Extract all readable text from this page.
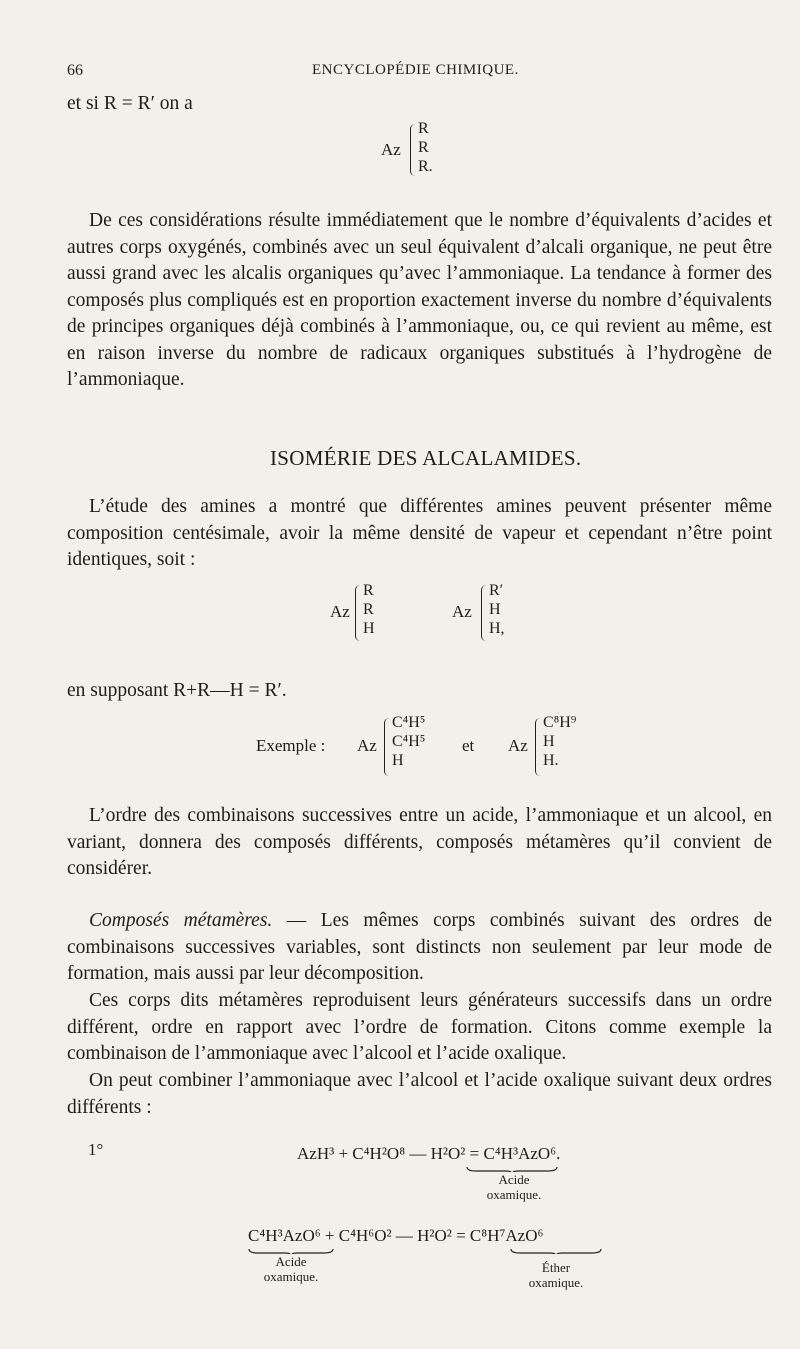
66	ENCYCLOPÉDIE CHIMIQUE.
et si R = R′ on a
Az
R
R
R.
De ces considérations résulte immédiatement que le nombre d’équivalents d’acides et autres corps oxygénés, combinés avec un seul équivalent d’alcali organique, ne peut être aussi grand avec les alcalis organiques qu’avec l’ammoniaque. La tendance à former des composés plus compliqués est en proportion exactement inverse du nombre d’équivalents de principes organiques déjà combinés à l’ammoniaque, ou, ce qui revient au même, est en raison inverse du nombre de radicaux organiques substitués à l’hydrogène de l’ammoniaque.
ISOMÉRIE DES ALCALAMIDES.
L’étude des amines a montré que différentes amines peuvent présenter même composition centésimale, avoir la même densité de vapeur et cependant n’être point identiques, soit :
Az
R
R
H
Az
R′
H
H,
en supposant R+R—H = R′.
Exemple : Az
C⁴H⁵
C⁴H⁵
H
et Az
C⁸H⁹
H
H.
L’ordre des combinaisons successives entre un acide, l’ammoniaque et un alcool, en variant, donnera des composés différents, composés métamères qu’il convient de considérer.
Composés métamères. — Les mêmes corps combinés suivant des ordres de combinaisons successives variables, sont distincts non seulement par leur mode de formation, mais aussi par leur décomposition.
Ces corps dits métamères reproduisent leurs générateurs successifs dans un ordre différent, ordre en rapport avec l’ordre de formation. Citons comme exemple la combinaison de l’ammoniaque avec l’alcool et l’acide oxalique.
On peut combiner l’ammoniaque avec l’alcool et l’acide oxalique suivant deux ordres différents :
1°	AzH³ + C⁴H²O⁸ — H²O² = C⁴H³AzO⁶.
Acide
oxamique.
C⁴H³AzO⁶ + C⁴H⁶O² — H²O² = C⁸H⁷AzO⁶
Acide
oxamique.
Éther
oxamique.
